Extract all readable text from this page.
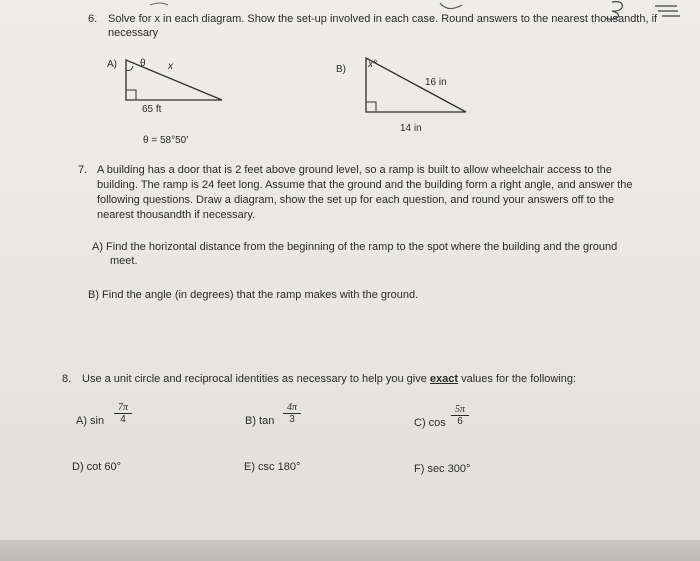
6. Solve for x in each diagram. Show the set-up involved in each case. Round answers to the nearest thousandth, if
necessary
A) θ x
65 ft
θ = 58°50′
B) x°
16 in
14 in
7. A building has a door that is 2 feet above ground level, so a ramp is built to allow wheelchair access to the
building. The ramp is 24 feet long. Assume that the ground and the building form a right angle, and answer the
following questions. Draw a diagram, show the set up for each question, and round your answers off to the
nearest thousandth if necessary.
A) Find the horizontal distance from the beginning of the ramp to the spot where the building and the ground
meet.
B) Find the angle (in degrees) that the ramp makes with the ground.
8. Use a unit circle and reciprocal identities as necessary to help you give exact values for the following:
A) $\sin \frac{7\pi}{4}$	B) $\tan \frac{4\pi}{3}$	C) $\cos \frac{5\pi}{6}$
D) cot 60°	E) csc 180°	F) sec 300°
